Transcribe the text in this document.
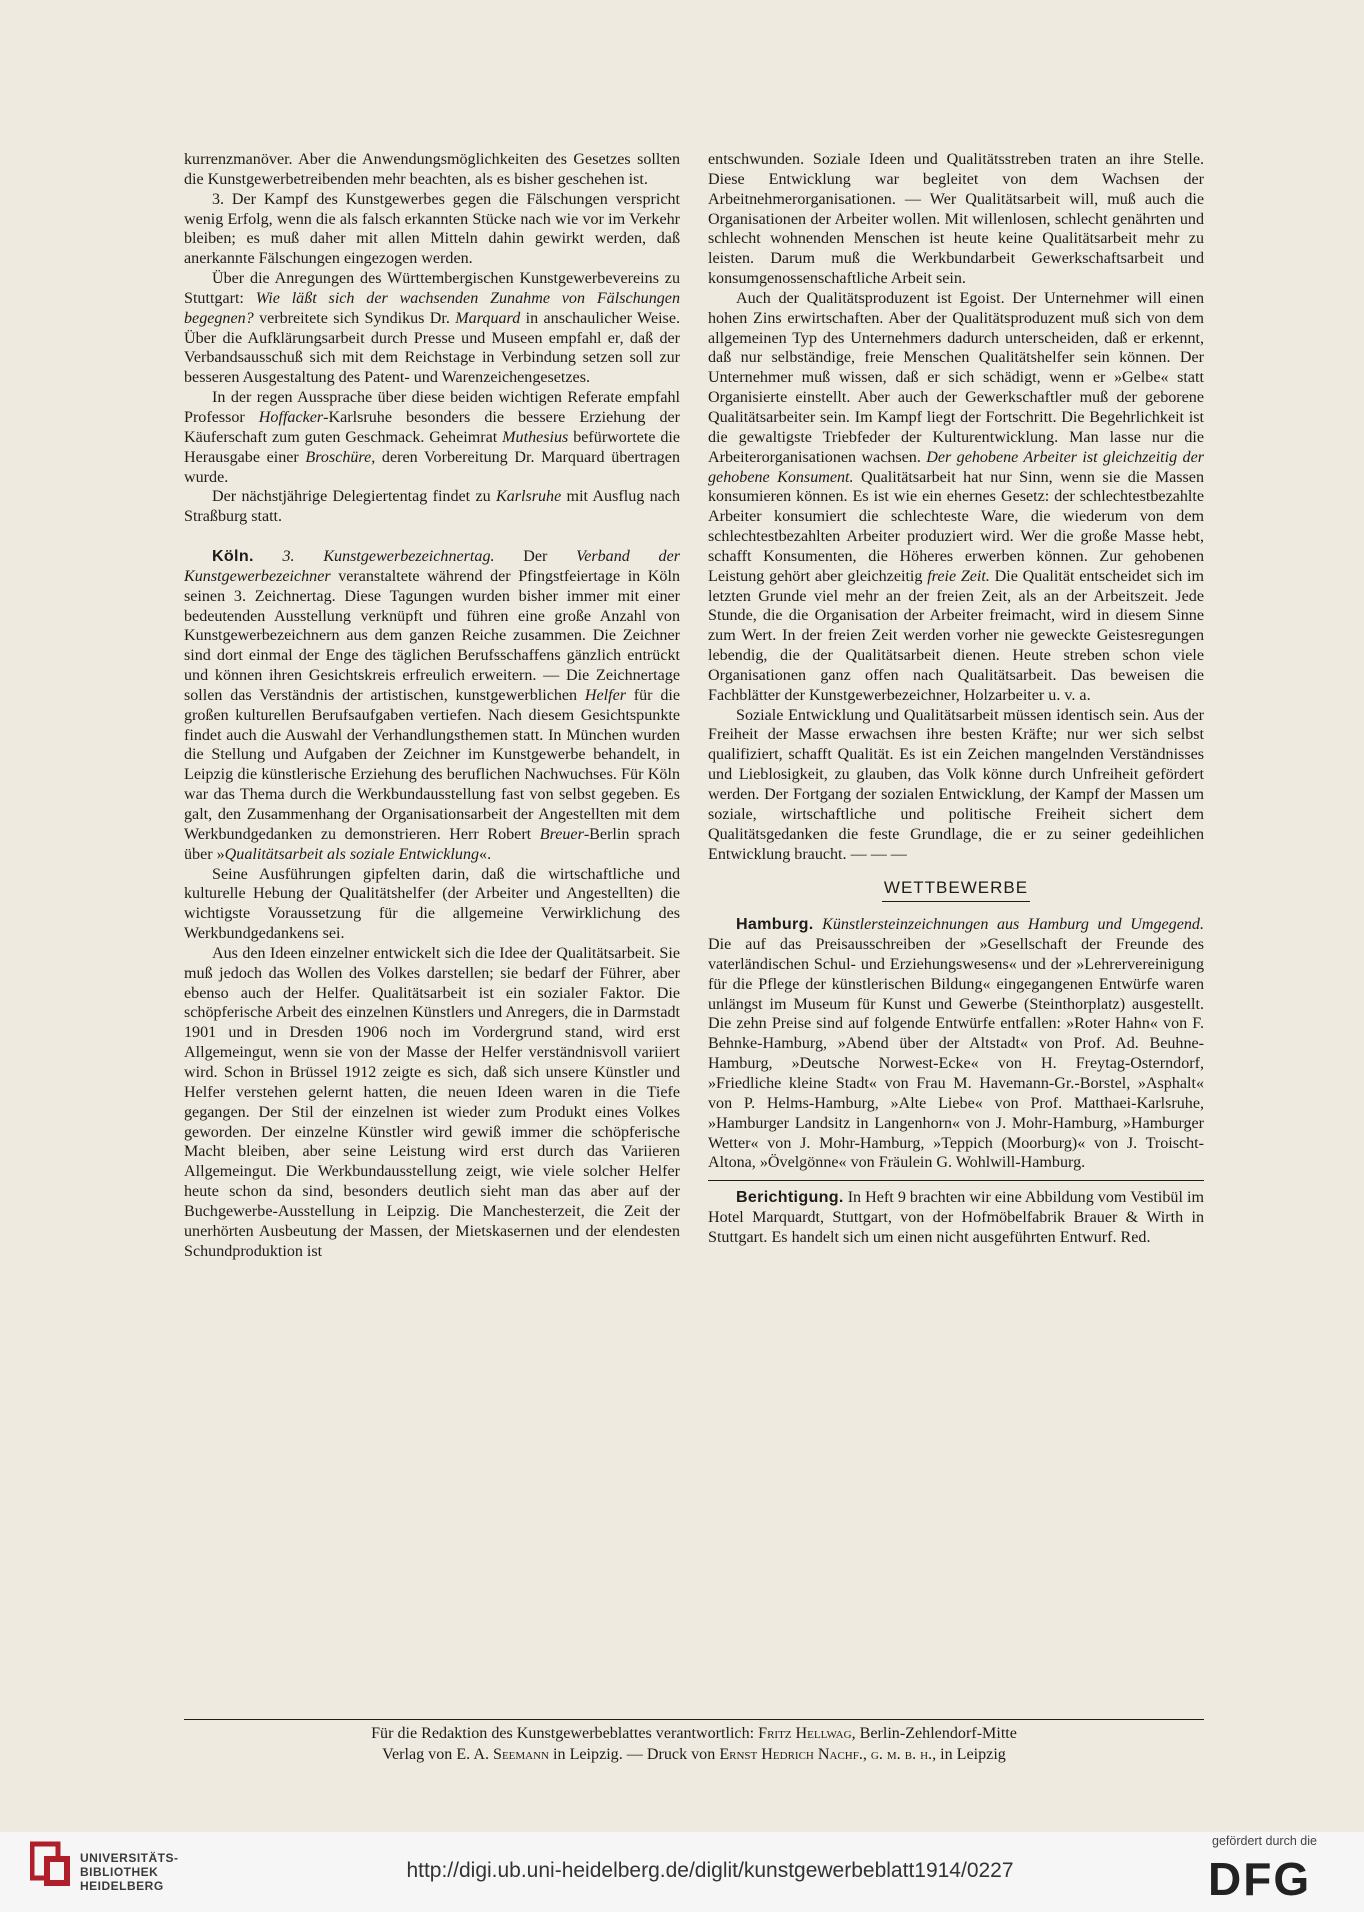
kurrenzmanöver. Aber die Anwendungsmöglichkeiten des Gesetzes sollten die Kunstgewerbetreibenden mehr beachten, als es bisher geschehen ist.

3. Der Kampf des Kunstgewerbes gegen die Fälschungen verspricht wenig Erfolg, wenn die als falsch erkannten Stücke nach wie vor im Verkehr bleiben; es muß daher mit allen Mitteln dahin gewirkt werden, daß anerkannte Fälschungen eingezogen werden.

Über die Anregungen des Württembergischen Kunstgewerbevereins zu Stuttgart: Wie läßt sich der wachsenden Zunahme von Fälschungen begegnen? verbreitete sich Syndikus Dr. Marquard in anschaulicher Weise. Über die Aufklärungsarbeit durch Presse und Museen empfahl er, daß der Verbandsausschuß sich mit dem Reichstage in Verbindung setzen soll zur besseren Ausgestaltung des Patent- und Warenzeichengesetzes.

In der regen Aussprache über diese beiden wichtigen Referate empfahl Professor Hoffacker-Karlsruhe besonders die bessere Erziehung der Käuferschaft zum guten Geschmack. Geheimrat Muthesius befürwortete die Herausgabe einer Broschüre, deren Vorbereitung Dr. Marquard übertragen wurde.

Der nächstjährige Delegiertentag findet zu Karlsruhe mit Ausflug nach Straßburg statt.

Köln. 3. Kunstgewerbezeichnertag. Der Verband der Kunstgewerbezeichner veranstaltete während der Pfingstfeiertage in Köln seinen 3. Zeichnertag. Diese Tagungen wurden bisher immer mit einer bedeutenden Ausstellung verknüpft und führen eine große Anzahl von Kunstgewerbezeichnern aus dem ganzen Reiche zusammen. Die Zeichner sind dort einmal der Enge des täglichen Berufsschaffens gänzlich entrückt und können ihren Gesichtskreis erfreulich erweitern. — Die Zeichnertage sollen das Verständnis der artistischen, kunstgewerblichen Helfer für die großen kulturellen Berufsaufgaben vertiefen. Nach diesem Gesichtspunkte findet auch die Auswahl der Verhandlungsthemen statt. In München wurden die Stellung und Aufgaben der Zeichner im Kunstgewerbe behandelt, in Leipzig die künstlerische Erziehung des beruflichen Nachwuchses. Für Köln war das Thema durch die Werkbundausstellung fast von selbst gegeben. Es galt, den Zusammenhang der Organisationsarbeit der Angestellten mit dem Werkbundgedanken zu demonstrieren. Herr Robert Breuer-Berlin sprach über »Qualitätsarbeit als soziale Entwicklung«.

Seine Ausführungen gipfelten darin, daß die wirtschaftliche und kulturelle Hebung der Qualitätshelfer (der Arbeiter und Angestellten) die wichtigste Voraussetzung für die allgemeine Verwirklichung des Werkbundgedankens sei.

Aus den Ideen einzelner entwickelt sich die Idee der Qualitätsarbeit. Sie muß jedoch das Wollen des Volkes darstellen; sie bedarf der Führer, aber ebenso auch der Helfer. Qualitätsarbeit ist ein sozialer Faktor. Die schöpferische Arbeit des einzelnen Künstlers und Anregers, die in Darmstadt 1901 und in Dresden 1906 noch im Vordergrund stand, wird erst Allgemeingut, wenn sie von der Masse der Helfer verständnisvoll variiert wird. Schon in Brüssel 1912 zeigte es sich, daß sich unsere Künstler und Helfer verstehen gelernt hatten, die neuen Ideen waren in die Tiefe gegangen. Der Stil der einzelnen ist wieder zum Produkt eines Volkes geworden. Der einzelne Künstler wird gewiß immer die schöpferische Macht bleiben, aber seine Leistung wird erst durch das Variieren Allgemeingut. Die Werkbundausstellung zeigt, wie viele solcher Helfer heute schon da sind, besonders deutlich sieht man das aber auf der Buchgewerbe-Ausstellung in Leipzig. Die Manchesterzeit, die Zeit der unerhörten Ausbeutung der Massen, der Mietskasernen und der elendesten Schundproduktion ist

entschwunden. Soziale Ideen und Qualitätsstreben traten an ihre Stelle. Diese Entwicklung war begleitet von dem Wachsen der Arbeitnehmerorganisationen. — Wer Qualitätsarbeit will, muß auch die Organisationen der Arbeiter wollen. Mit willenlosen, schlecht genährten und schlecht wohnenden Menschen ist heute keine Qualitätsarbeit mehr zu leisten. Darum muß die Werkbundarbeit Gewerkschaftsarbeit und konsumgenossenschaftliche Arbeit sein.

Auch der Qualitätsproduzent ist Egoist. Der Unternehmer will einen hohen Zins erwirtschaften. Aber der Qualitätsproduzent muß sich von dem allgemeinen Typ des Unternehmers dadurch unterscheiden, daß er erkennt, daß nur selbständige, freie Menschen Qualitätshelfer sein können. Der Unternehmer muß wissen, daß er sich schädigt, wenn er »Gelbe« statt Organisierte einstellt. Aber auch der Gewerkschaftler muß der geborene Qualitätsarbeiter sein. Im Kampf liegt der Fortschritt. Die Begehrlichkeit ist die gewaltigste Triebfeder der Kulturentwicklung. Man lasse nur die Arbeiterorganisationen wachsen. Der gehobene Arbeiter ist gleichzeitig der gehobene Konsument. Qualitätsarbeit hat nur Sinn, wenn sie die Massen konsumieren können. Es ist wie ein ehernes Gesetz: der schlechtestbezahlte Arbeiter konsumiert die schlechteste Ware, die wiederum von dem schlechtestbezahlten Arbeiter produziert wird. Wer die große Masse hebt, schafft Konsumenten, die Höheres erwerben können. Zur gehobenen Leistung gehört aber gleichzeitig freie Zeit. Die Qualität entscheidet sich im letzten Grunde viel mehr an der freien Zeit, als an der Arbeitszeit. Jede Stunde, die die Organisation der Arbeiter freimacht, wird in diesem Sinne zum Wert. In der freien Zeit werden vorher nie geweckte Geistesregungen lebendig, die der Qualitätsarbeit dienen. Heute streben schon viele Organisationen ganz offen nach Qualitätsarbeit. Das beweisen die Fachblätter der Kunstgewerbezeichner, Holzarbeiter u. v. a.

Soziale Entwicklung und Qualitätsarbeit müssen identisch sein. Aus der Freiheit der Masse erwachsen ihre besten Kräfte; nur wer sich selbst qualifiziert, schafft Qualität. Es ist ein Zeichen mangelnden Verständnisses und Lieblosigkeit, zu glauben, das Volk könne durch Unfreiheit gefördert werden. Der Fortgang der sozialen Entwicklung, der Kampf der Massen um soziale, wirtschaftliche und politische Freiheit sichert dem Qualitätsgedanken die feste Grundlage, die er zu seiner gedeihlichen Entwicklung braucht. — — —

WETTBEWERBE

Hamburg. Künstlersteinzeichnungen aus Hamburg und Umgegend. Die auf das Preisausschreiben der »Gesellschaft der Freunde des vaterländischen Schul- und Erziehungswesens« und der »Lehrervereinigung für die Pflege der künstlerischen Bildung« eingegangenen Entwürfe waren unlängst im Museum für Kunst und Gewerbe (Steinthorplatz) ausgestellt. Die zehn Preise sind auf folgende Entwürfe entfallen: »Roter Hahn« von F. Behnke-Hamburg, »Abend über der Altstadt« von Prof. Ad. Beuhne-Hamburg, »Deutsche Norwest-Ecke« von H. Freytag-Osterndorf, »Friedliche kleine Stadt« von Frau M. Havemann-Gr.-Borstel, »Asphalt« von P. Helms-Hamburg, »Alte Liebe« von Prof. Matthaei-Karlsruhe, »Hamburger Landsitz in Langenhorn« von J. Mohr-Hamburg, »Hamburger Wetter« von J. Mohr-Hamburg, »Teppich (Moorburg)« von J. Troischt-Altona, »Övelgönne« von Fräulein G. Wohlwill-Hamburg.

Berichtigung. In Heft 9 brachten wir eine Abbildung vom Vestibül im Hotel Marquardt, Stuttgart, von der Hofmöbelfabrik Brauer & Wirth in Stuttgart. Es handelt sich um einen nicht ausgeführten Entwurf. Red.

Für die Redaktion des Kunstgewerbeblattes verantwortlich: Fritz Hellwag, Berlin-Zehlendorf-Mitte
Verlag von E. A. Seemann in Leipzig. — Druck von Ernst Hedrich Nachf., g. m. b. h., in Leipzig
UNIVERSITÄTS-
BIBLIOTHEK
HEIDELBERG
http://digi.ub.uni-heidelberg.de/diglit/kunstgewerbeblatt1914/0227
gefördert durch die
DFG
